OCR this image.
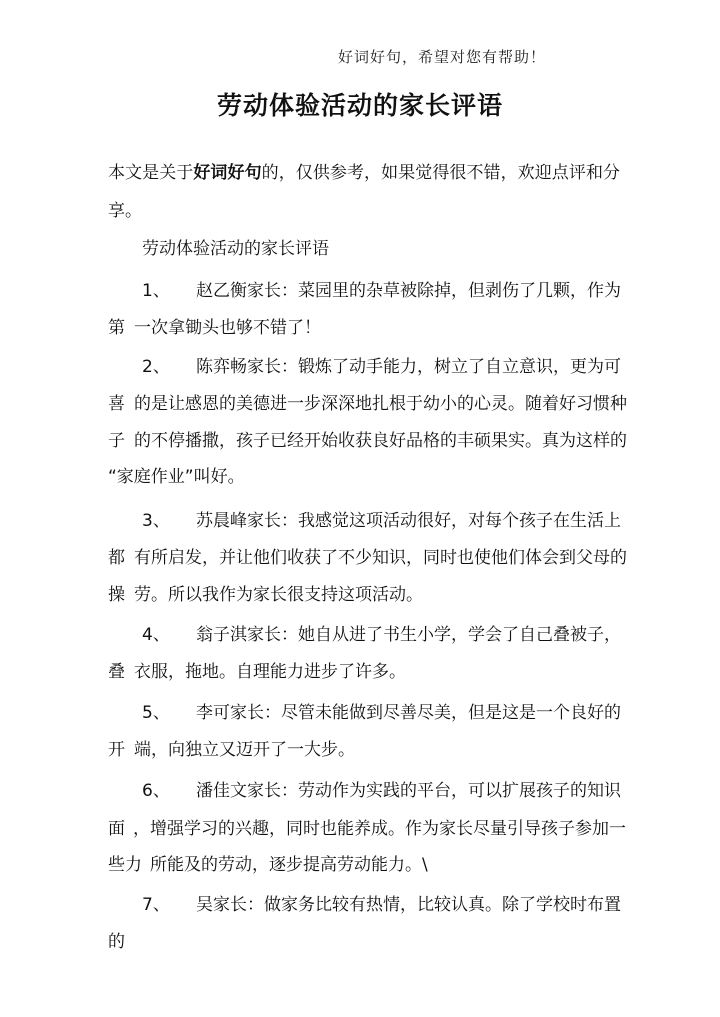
好词好句，希望对您有帮助！
劳动体验活动的家长评语
本文是关于好词好句的，仅供参考，如果觉得很不错，欢迎点评和分
享。
劳动体验活动的家长评语
1、 赵乙衡家长：菜园里的杂草被除掉，但剥伤了几颗，作为
第 一次拿锄头也够不错了！
2、 陈弈畅家长：锻炼了动手能力，树立了自立意识，更为可
喜 的是让感恩的美德进一步深深地扎根于幼小的心灵。随着好习惯种
子 的不停播撒，孩子已经开始收获良好品格的丰硕果实。真为这样的
“家庭作业”叫好。
3、 苏晨峰家长：我感觉这项活动很好，对每个孩子在生活上
都 有所启发，并让他们收获了不少知识，同时也使他们体会到父母的
操 劳。所以我作为家长很支持这项活动。
4、 翁子淇家长：她自从进了书生小学，学会了自己叠被子，
叠 衣服，拖地。自理能力进步了许多。
5、 李可家长：尽管未能做到尽善尽美，但是这是一个良好的
开 端，向独立又迈开了一大步。
6、 潘佳文家长：劳动作为实践的平台，可以扩展孩子的知识
面，增强学习的兴趣，同时也能养成。作为家长尽量引导孩子参加一
些力 所能及的劳动，逐步提高劳动能力。\
7、 吴家长：做家务比较有热情，比较认真。除了学校时布置
的
